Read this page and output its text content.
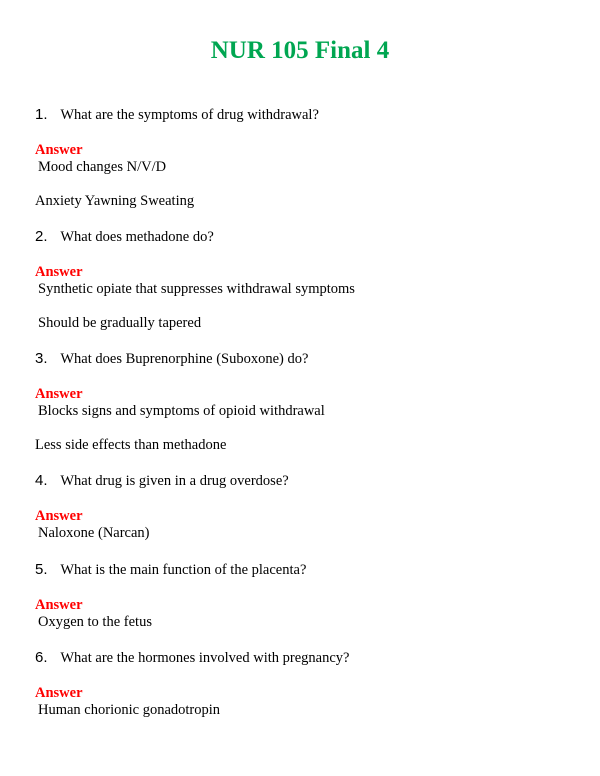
NUR 105 Final 4
1. What are the symptoms of drug withdrawal?
Answer
Mood changes N/V/D
Anxiety Yawning Sweating
2. What does methadone do?
Answer
Synthetic opiate that suppresses withdrawal symptoms
Should be gradually tapered
3. What does Buprenorphine (Suboxone) do?
Answer
Blocks signs and symptoms of opioid withdrawal
Less side effects than methadone
4. What drug is given in a drug overdose?
Answer
Naloxone (Narcan)
5. What is the main function of the placenta?
Answer
Oxygen to the fetus
6. What are the hormones involved with pregnancy?
Answer
Human chorionic gonadotropin
